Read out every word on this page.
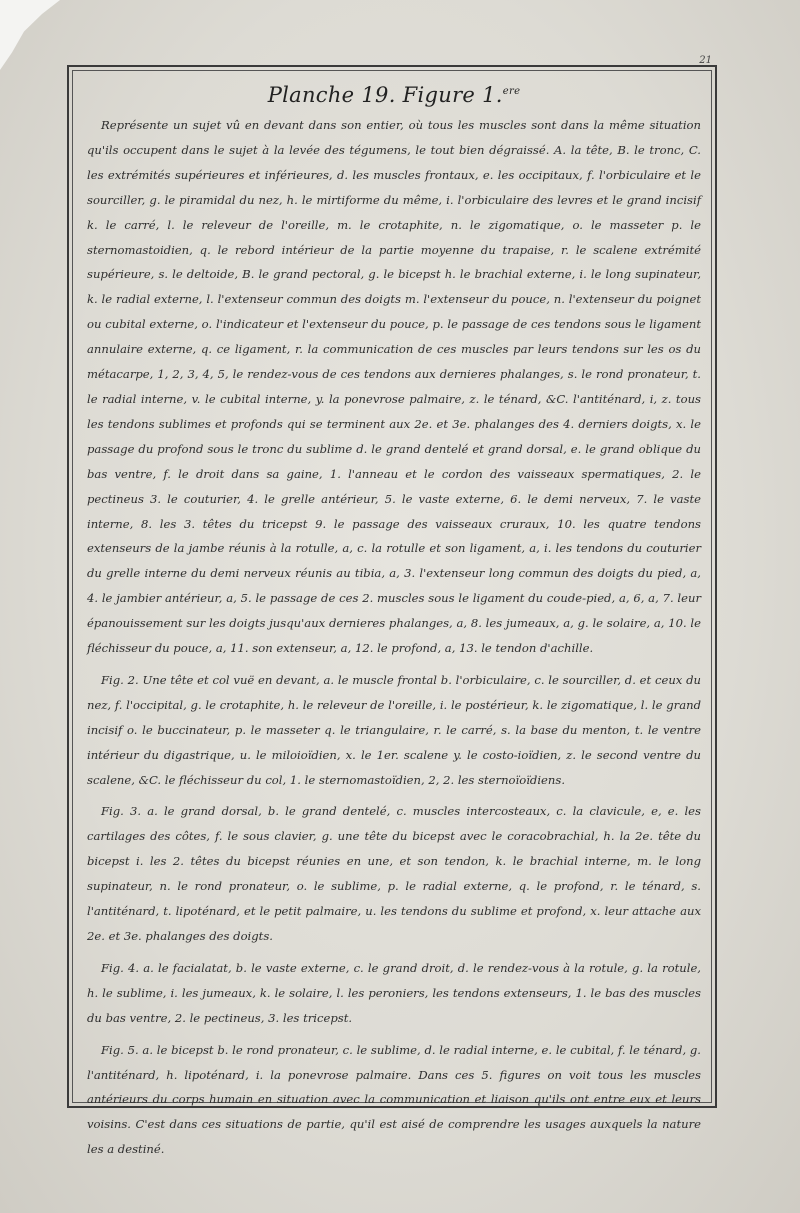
21
Planche 19. Figure 1.$^{ere}$

Représente un sujet vû en devant dans son entier, où tous les muscles sont dans la même situation qu'ils occupent dans le sujet à la levée des tégumens, le tout bien dégraissé. A. la tête, B. le tronc, C. les extrémités supérieures et inférieures, d. les muscles frontaux, e. les occipitaux, f. l'orbiculaire et le sourciller, g. le piramidal du nez, h. le mirtiforme du même, i. l'orbiculaire des levres et le grand incisif k. le carré, l. le releveur de l'oreille, m. le crotaphite, n. le zigomatique, o. le masseter p. le sternomastoidien, q. le rebord intérieur de la partie moyenne du trapaise, r. le scalene extrémité supérieure, s. le deltoide, B. le grand pectoral, g. le bicepst h. le brachial externe, i. le long supinateur, k. le radial externe, l. l'extenseur commun des doigts m. l'extenseur du pouce, n. l'extenseur du poignet ou cubital externe, o. l'indicateur et l'extenseur du pouce, p. le passage de ces tendons sous le ligament annulaire externe, q. ce ligament, r. la communication de ces muscles par leurs tendons sur les os du métacarpe, 1, 2, 3, 4, 5, le rendez-vous de ces tendons aux dernieres phalanges, s. le rond pronateur, t. le radial interne, v. le cubital interne, y. la ponevrose palmaire, z. le ténard, &C. l'antiténard, i, z. tous les tendons sublimes et profonds qui se terminent aux 2e. et 3e. phalanges des 4. derniers doigts, x. le passage du profond sous le tronc du sublime d. le grand dentelé et grand dorsal, e. le grand oblique du bas ventre, f. le droit dans sa gaine, 1. l'anneau et le cordon des vaisseaux spermatiques, 2. le pectineus 3. le couturier, 4. le grelle antérieur, 5. le vaste externe, 6. le demi nerveux, 7. le vaste interne, 8. les 3. têtes du tricepst 9. le passage des vaisseaux cruraux, 10. les quatre tendons extenseurs de la jambe réunis à la rotulle, a, c. la rotulle et son ligament, a, i. les tendons du couturier du grelle interne du demi nerveux réunis au tibia, a, 3. l'extenseur long commun des doigts du pied, a, 4. le jambier antérieur, a, 5. le passage de ces 2. muscles sous le ligament du coude-pied, a, 6, a, 7. leur épanouissement sur les doigts jusqu'aux dernieres phalanges, a, 8. les jumeaux, a, g. le solaire, a, 10. le fléchisseur du pouce, a, 11. son extenseur, a, 12. le profond, a, 13. le tendon d'achille.

Fig. 2. Une tête et col vuë en devant, a. le muscle frontal b. l'orbiculaire, c. le sourciller, d. et ceux du nez, f. l'occipital, g. le crotaphite, h. le releveur de l'oreille, i. le postérieur, k. le zigomatique, l. le grand incisif o. le buccinateur, p. le masseter q. le triangulaire, r. le carré, s. la base du menton, t. le ventre intérieur du digastrique, u. le miloioïdien, x. le 1er. scalene y. le costo-ioïdien, z. le second ventre du scalene, &C. le fléchisseur du col, 1. le sternomastoïdien, 2, 2. les sternoïoïdiens.

Fig. 3. a. le grand dorsal, b. le grand dentelé, c. muscles intercosteaux, c. la clavicule, e, e. les cartilages des côtes, f. le sous clavier, g. une tête du bicepst avec le coracobrachial, h. la 2e. tête du bicepst i. les 2. têtes du bicepst réunies en une, et son tendon, k. le brachial interne, m. le long supinateur, n. le rond pronateur, o. le sublime, p. le radial externe, q. le profond, r. le ténard, s. l'antiténard, t. lipoténard, et le petit palmaire, u. les tendons du sublime et profond, x. leur attache aux 2e. et 3e. phalanges des doigts.

Fig. 4. a. le facialatat, b. le vaste externe, c. le grand droit, d. le rendez-vous à la rotule, g. la rotule, h. le sublime, i. les jumeaux, k. le solaire, l. les peroniers, les tendons extenseurs, 1. le bas des muscles du bas ventre, 2. le pectineus, 3. les tricepst.

Fig. 5. a. le bicepst b. le rond pronateur, c. le sublime, d. le radial interne, e. le cubital, f. le ténard, g. l'antiténard, h. lipoténard, i. la ponevrose palmaire. Dans ces 5. figures on voit tous les muscles antérieurs du corps humain en situation avec la communication et liaison qu'ils ont entre eux et leurs voisins. C'est dans ces situations de partie, qu'il est aisé de comprendre les usages auxquels la nature les a destiné.
